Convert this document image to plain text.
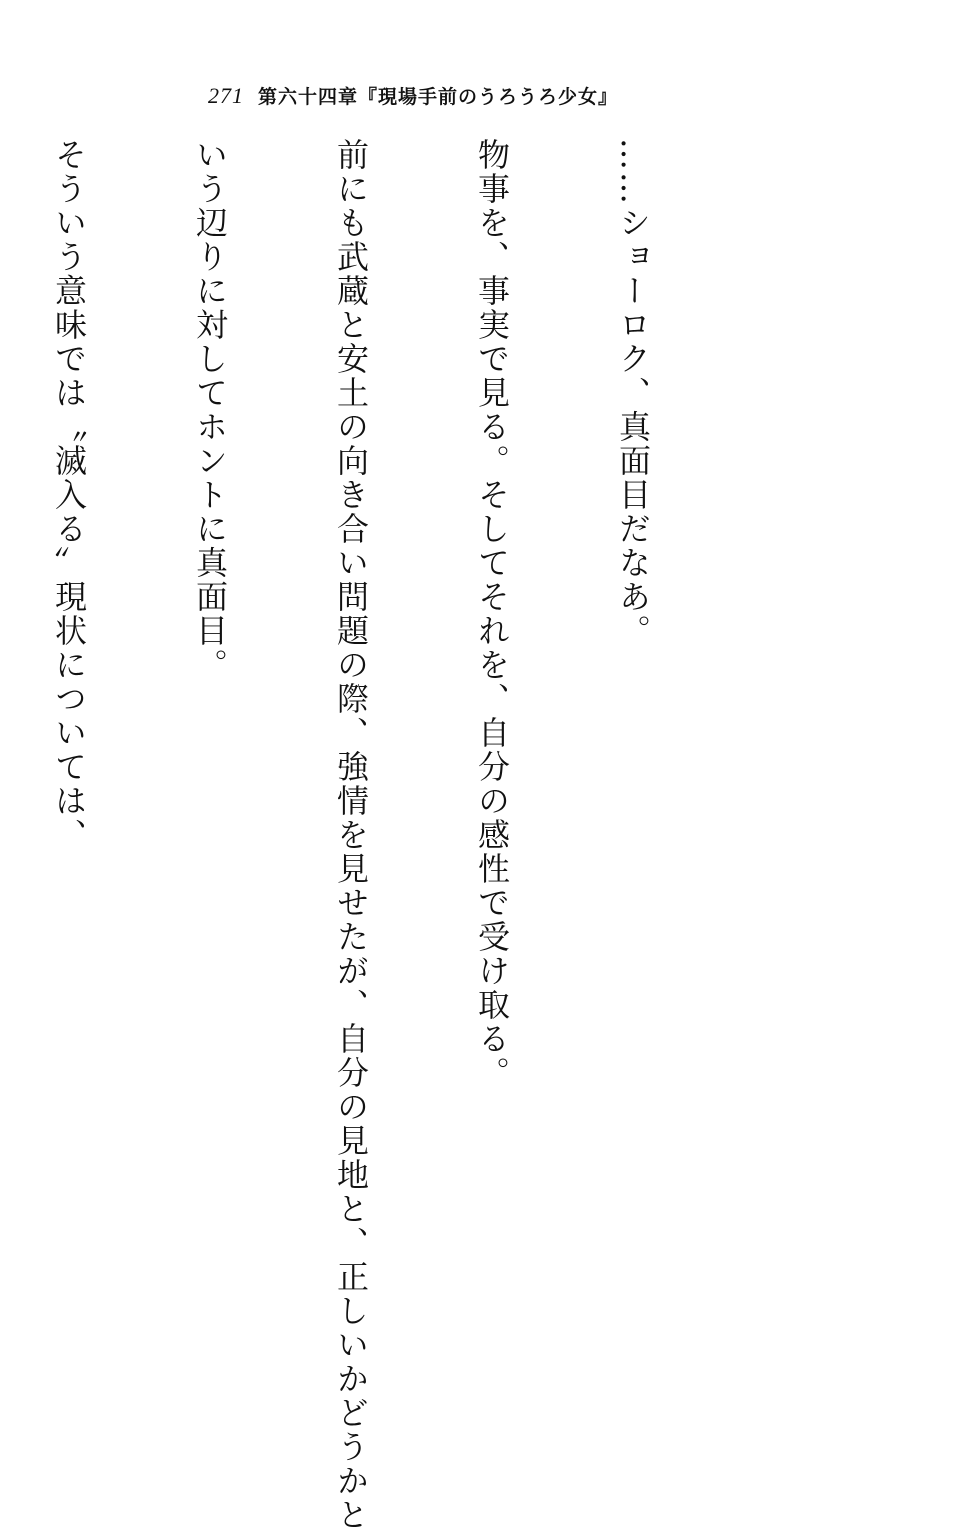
271 第六十四章『現場手前のうろうろ少女』

……ショーロク、真面目だなあ。

物事を、事実で見る。そしてそれを、自分の感性で受け取る。

前にも武蔵と安土の向き合い問題の際、強情を見せたが、自分の見地と、正しいかどうかと

いう辺りに対してホントに真面目。

そういう意味では〝滅入る〟現状については、
